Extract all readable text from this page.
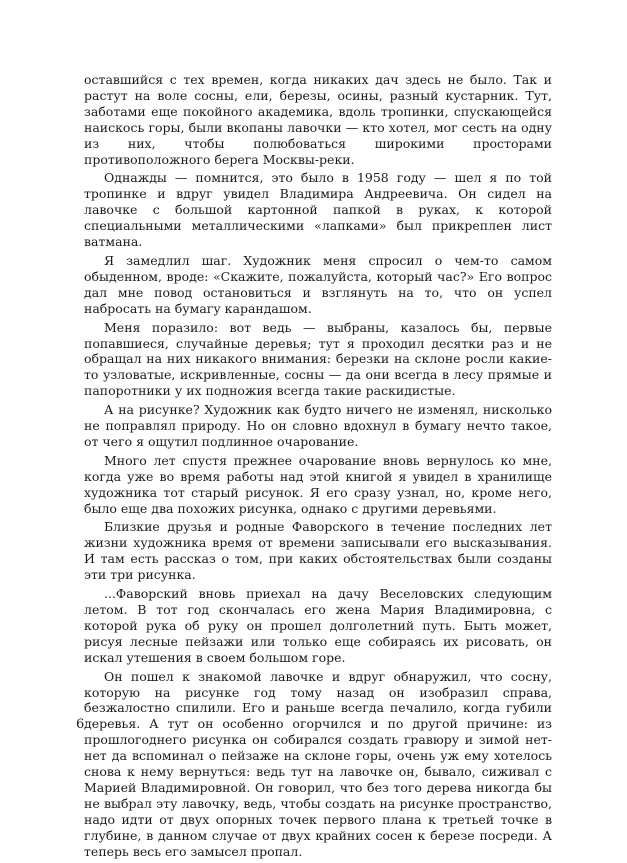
оставшийся с тех времен, когда никаких дач здесь не было. Так и растут на воле сосны, ели, березы, осины, разный кустарник. Тут, заботами еще покойного академика, вдоль тропинки, спускающейся наискось горы, были вкопаны лавочки — кто хотел, мог сесть на одну из них, чтобы полюбоваться широкими просторами противоположного берега Москвы-реки.

Однажды — помнится, это было в 1958 году — шел я по той тропинке и вдруг увидел Владимира Андреевича. Он сидел на лавочке с большой картонной папкой в руках, к которой специальными металлическими «лапками» был прикреплен лист ватмана.

Я замедлил шаг. Художник меня спросил о чем-то самом обыденном, вроде: «Скажите, пожалуйста, который час?» Его вопрос дал мне повод остановиться и взглянуть на то, что он успел набросать на бумагу карандашом.

Меня поразило: вот ведь — выбраны, казалось бы, первые попавшиеся, случайные деревья; тут я проходил десятки раз и не обращал на них никакого внимания: березки на склоне росли какие-то узловатые, искривленные, сосны — да они всегда в лесу прямые и папоротники у их подножия всегда такие раскидистые.

А на рисунке? Художник как будто ничего не изменял, нисколько не поправлял природу. Но он словно вдохнул в бумагу нечто такое, от чего я ощутил подлинное очарование.

Много лет спустя прежнее очарование вновь вернулось ко мне, когда уже во время работы над этой книгой я увидел в хранилище художника тот старый рисунок. Я его сразу узнал, но, кроме него, было еще два похожих рисунка, однако с другими деревьями.

Близкие друзья и родные Фаворского в течение последних лет жизни художника время от времени записывали его высказывания. И там есть рассказ о том, при каких обстоятельствах были созданы эти три рисунка.

...Фаворский вновь приехал на дачу Веселовских следующим летом. В тот год скончалась его жена Мария Владимировна, с которой рука об руку он прошел долголетний путь. Быть может, рисуя лесные пейзажи или только еще собираясь их рисовать, он искал утешения в своем большом горе.

Он пошел к знакомой лавочке и вдруг обнаружил, что сосну, которую на рисунке год тому назад он изобразил справа, безжалостно спилили. Его и раньше всегда печалило, когда губили деревья. А тут он особенно огорчился и по другой причине: из прошлогоднего рисунка он собирался создать гравюру и зимой нет-нет да вспоминал о пейзаже на склоне горы, очень уж ему хотелось снова к нему вернуться: ведь тут на лавочке он, бывало, сиживал с Марией Владимировной. Он говорил, что без того дерева никогда бы не выбрал эту лавочку, ведь, чтобы создать на рисунке пространство, надо идти от двух опорных точек первого плана к третьей точке в глубине, в данном случае от двух крайних сосен к березе посреди. А теперь весь его замысел пропал.

6
